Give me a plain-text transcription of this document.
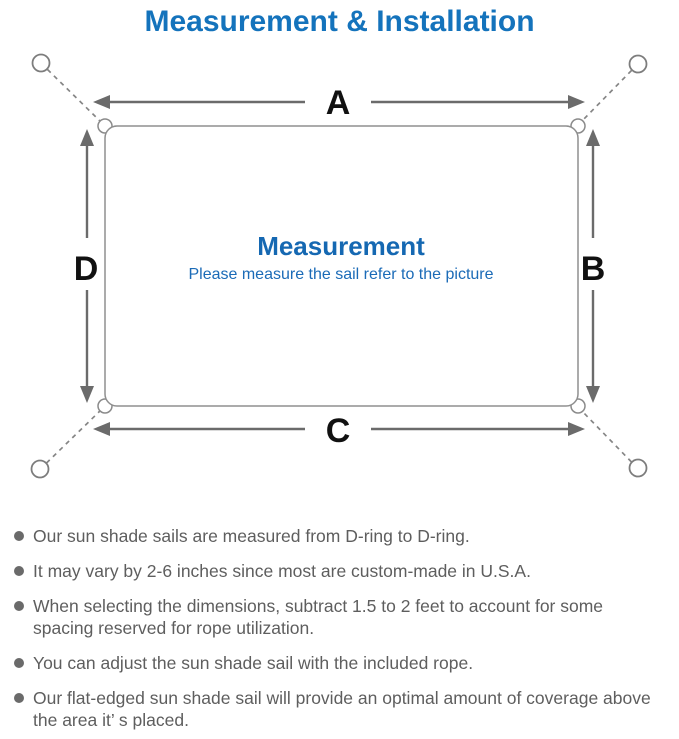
Measurement & Installation
A
C
D	B
Measurement
Please measure the sail refer to the picture
Our sun shade sails are measured from D-ring to D-ring.
It may vary by 2-6 inches since most are custom-made in U.S.A.
When selecting the dimensions, subtract 1.5 to 2 feet to account for some spacing reserved for rope utilization.
You can adjust the sun shade sail with the included rope.
Our flat-edged sun shade sail will provide an optimal amount of coverage above the area it’ s placed.
